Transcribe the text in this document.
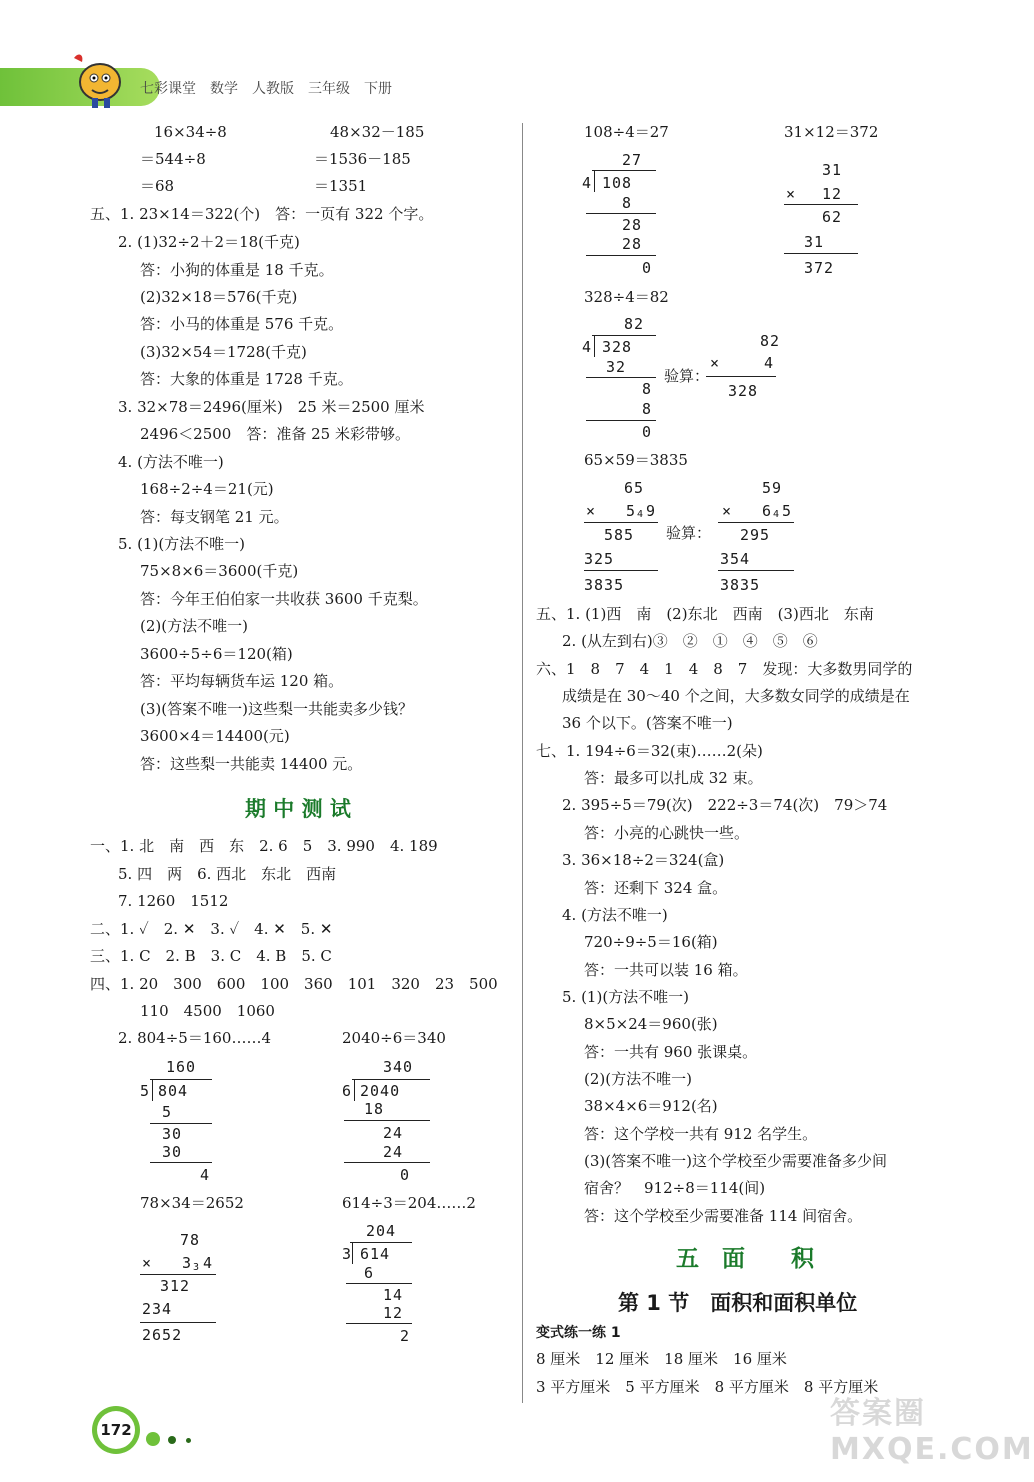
七彩课堂　数学　人教版　三年级　下册
16×34÷8
＝544÷8
＝68
48×32－185
＝1536－185
＝1351
五、1. 23×14＝322(个)　答：一页有 322 个字。
2. (1)32÷2＋2＝18(千克)
答：小狗的体重是 18 千克。
(2)32×18＝576(千克)
答：小马的体重是 576 千克。
(3)32×54＝1728(千克)
答：大象的体重是 1728 千克。
3. 32×78＝2496(厘米)　25 米＝2500 厘米
2496＜2500　答：准备 25 米彩带够。
4. (方法不唯一)
168÷2÷4＝21(元)
答：每支钢笔 21 元。
5. (1)(方法不唯一)
75×8×6＝3600(千克)
答：今年王伯伯家一共收获 3600 千克梨。
(2)(方法不唯一)
3600÷5÷6＝120(箱)
答：平均每辆货车运 120 箱。
(3)(答案不唯一)这些梨一共能卖多少钱？
3600×4＝14400(元)
答：这些梨一共能卖 14400 元。
期 中 测 试
一、1. 北　南　西　东　2. 6　5　3. 990　4. 189
5. 四　两　6. 西北　东北　西南
7. 1260　1512
二、1. ✓　2. ✕　3. ✓　4. ✕　5. ✕
三、1. C　2. B　3. C　4. B　5. C
四、1. 20　300　600　100　360　101　320　23　500
110　4500　1060
2. 804÷5＝160……4	2040÷6＝340
160
5 804
5
30
30
4
340
6 2040
18
24
24
0
78×34＝2652	614÷3＝204……2
78
× 3 3 4
312
234
2652
204
3 614
6
14
12
2
108÷4＝27	31×12＝372
27
4 108
8
28
28
0
31
× 12
62
31
372
328÷4＝82
82
4 328
32
8
8
0
验算：
82
×	4
328
65×59＝3835
65
× 5 4 9
585
325
3835
验算：
59
× 6 4 5
295
354
3835
五、1. (1)西　南　(2)东北　西南　(3)西北　东南
2. (从左到右)③　②　①　④　⑤　⑥
六、1　8　7　4　1　4　8　7　发现：大多数男同学的
成绩是在 30～40 个之间，大多数女同学的成绩是在
36 个以下。(答案不唯一)
七、1. 194÷6＝32(束)……2(朵)
答：最多可以扎成 32 束。
2. 395÷5＝79(次)　222÷3＝74(次)　79＞74
答：小亮的心跳快一些。
3. 36×18÷2＝324(盒)
答：还剩下 324 盒。
4. (方法不唯一)
720÷9÷5＝16(箱)
答：一共可以装 16 箱。
5. (1)(方法不唯一)
8×5×24＝960(张)
答：一共有 960 张课桌。
(2)(方法不唯一)
38×4×6＝912(名)
答：这个学校一共有 912 名学生。
(3)(答案不唯一)这个学校至少需要准备多少间
宿舍？　912÷8＝114(间)
答：这个学校至少需要准备 114 间宿舍。
五　面　　积
第 1 节　面积和面积单位
变式练一练 1
8 厘米　12 厘米　18 厘米　16 厘米
3 平方厘米　5 平方厘米　8 平方厘米　8 平方厘米
172	答案圈 MXQE.COM
